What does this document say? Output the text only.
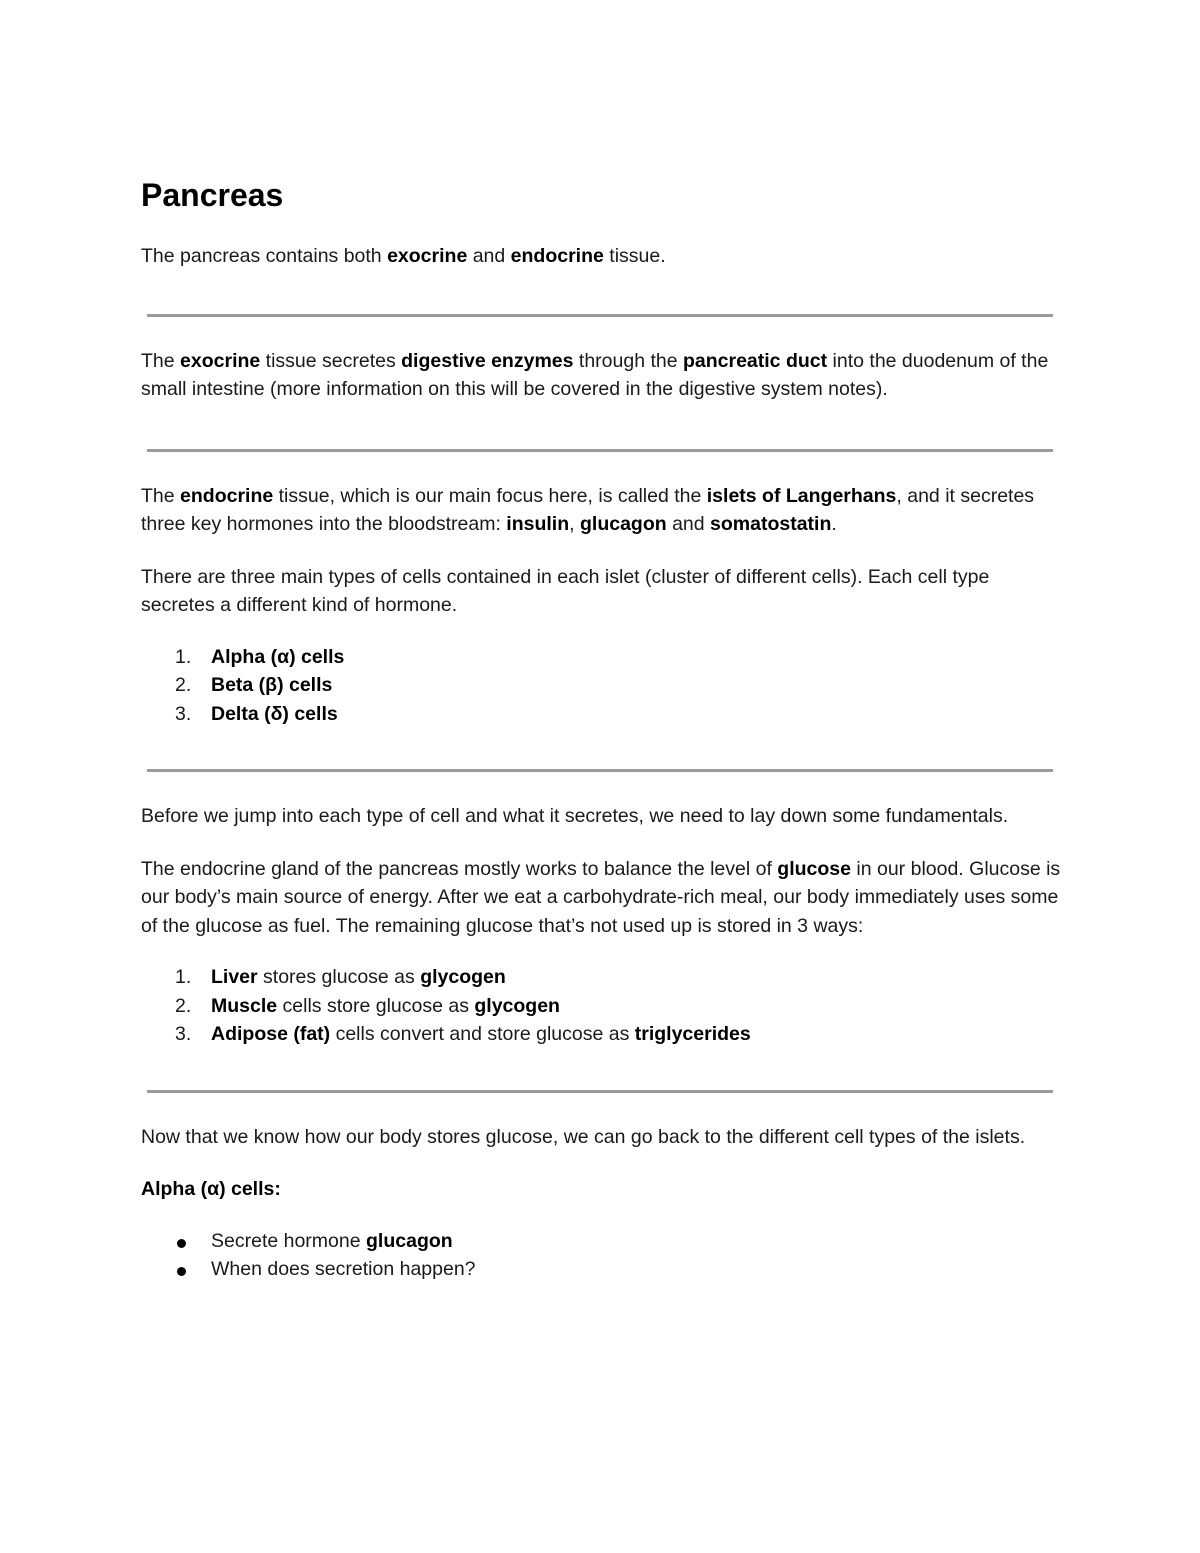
Pancreas

The pancreas contains both exocrine and endocrine tissue.

The exocrine tissue secretes digestive enzymes through the pancreatic duct into the duodenum of the small intestine (more information on this will be covered in the digestive system notes).

The endocrine tissue, which is our main focus here, is called the islets of Langerhans, and it secretes three key hormones into the bloodstream: insulin, glucagon and somatostatin.

There are three main types of cells contained in each islet (cluster of different cells). Each cell type secretes a different kind of hormone.

1. Alpha (α) cells
2. Beta (β) cells
3. Delta (δ) cells

Before we jump into each type of cell and what it secretes, we need to lay down some fundamentals.

The endocrine gland of the pancreas mostly works to balance the level of glucose in our blood. Glucose is our body’s main source of energy. After we eat a carbohydrate-rich meal, our body immediately uses some of the glucose as fuel. The remaining glucose that’s not used up is stored in 3 ways:

1. Liver stores glucose as glycogen
2. Muscle cells store glucose as glycogen
3. Adipose (fat) cells convert and store glucose as triglycerides

Now that we know how our body stores glucose, we can go back to the different cell types of the islets.

Alpha (α) cells:

Secrete hormone glucagon
When does secretion happen?
